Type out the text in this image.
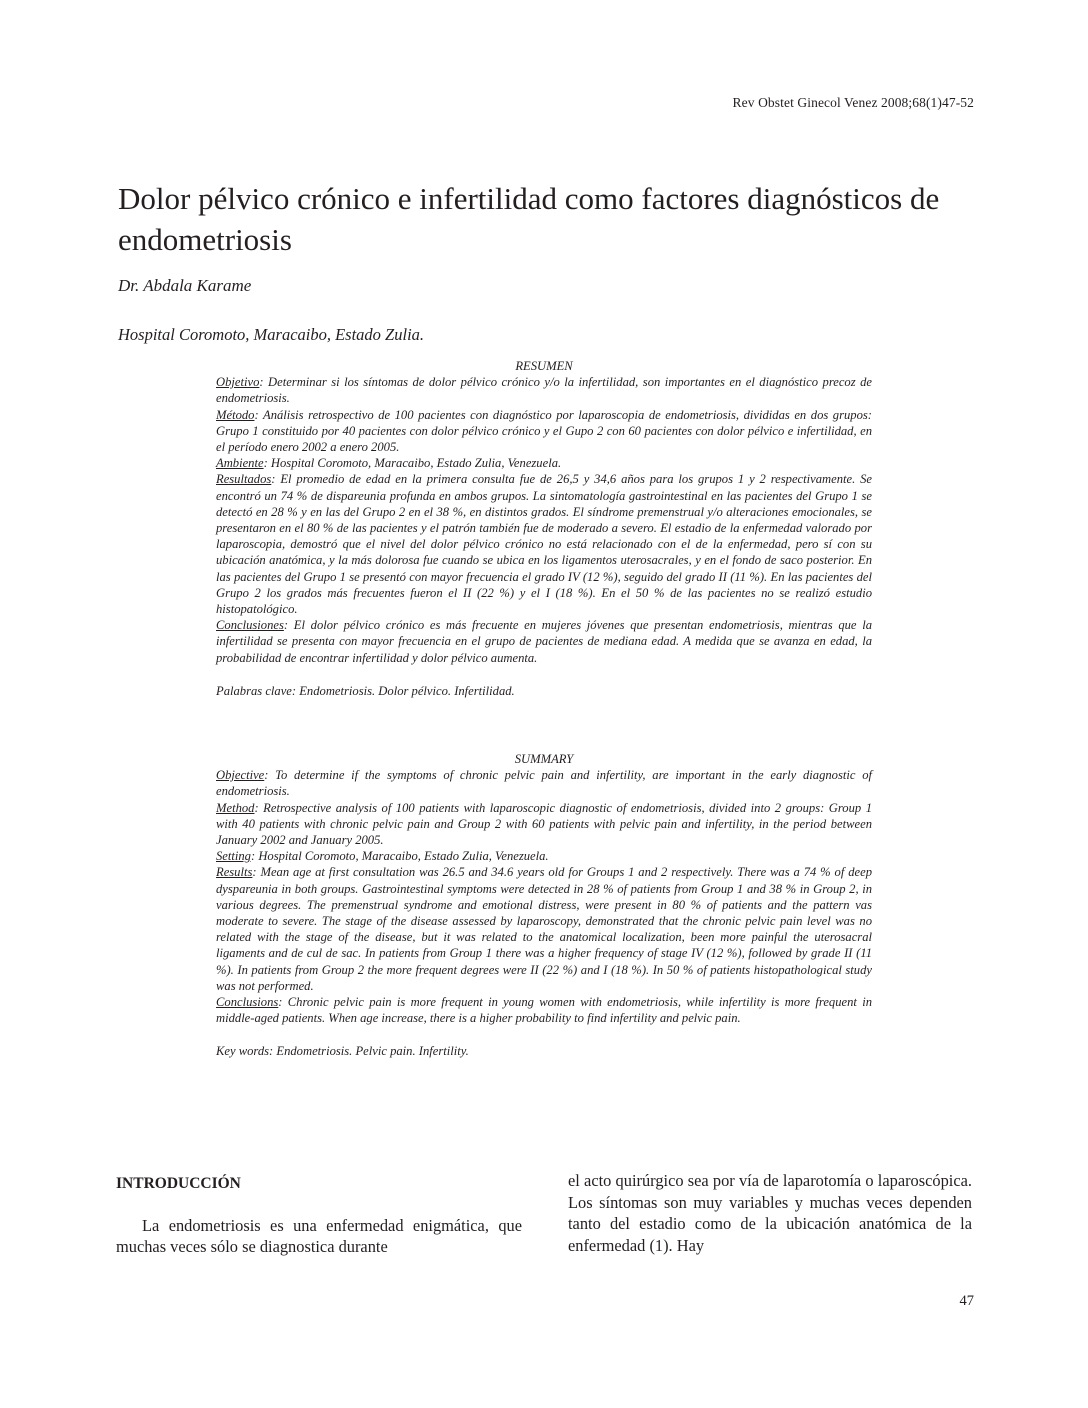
Rev Obstet Ginecol Venez 2008;68(1)47-52
Dolor pélvico crónico e infertilidad como factores diagnósticos de endometriosis
Dr. Abdala Karame
Hospital Coromoto, Maracaibo, Estado Zulia.
RESUMEN

Objetivo: Determinar si los síntomas de dolor pélvico crónico y/o la infertilidad, son importantes en el diagnóstico precoz de endometriosis.

Método: Análisis retrospectivo de 100 pacientes con diagnóstico por laparoscopia de endometriosis, divididas en dos grupos: Grupo 1 constituido por 40 pacientes con dolor pélvico crónico y el Gupo 2 con 60 pacientes con dolor pélvico e infertilidad, en el período enero 2002 a enero 2005.

Ambiente: Hospital Coromoto, Maracaibo, Estado Zulia, Venezuela.

Resultados: El promedio de edad en la primera consulta fue de 26,5 y 34,6 años para los grupos 1 y 2 respectivamente. Se encontró un 74 % de dispareunia profunda en ambos grupos. La sintomatología gastrointestinal en las pacientes del Grupo 1 se detectó en 28 % y en las del Grupo 2 en el 38 %, en distintos grados. El síndrome premenstrual y/o alteraciones emocionales, se presentaron en el 80 % de las pacientes y el patrón también fue de moderado a severo. El estadio de la enfermedad valorado por laparoscopia, demostró que el nivel del dolor pélvico crónico no está relacionado con el de la enfermedad, pero sí con su ubicación anatómica, y la más dolorosa fue cuando se ubica en los ligamentos uterosacrales, y en el fondo de saco posterior. En las pacientes del Grupo 1 se presentó con mayor frecuencia el grado IV (12 %), seguido del grado II (11 %). En las pacientes del Grupo 2 los grados más frecuentes fueron el II (22 %) y el I (18 %). En el 50 % de las pacientes no se realizó estudio histopatológico.

Conclusiones: El dolor pélvico crónico es más frecuente en mujeres jóvenes que presentan endometriosis, mientras que la infertilidad se presenta con mayor frecuencia en el grupo de pacientes de mediana edad. A medida que se avanza en edad, la probabilidad de encontrar infertilidad y dolor pélvico aumenta.

Palabras clave: Endometriosis. Dolor pélvico. Infertilidad.

SUMMARY

Objective: To determine if the symptoms of chronic pelvic pain and infertility, are important in the early diagnostic of endometriosis.

Method: Retrospective analysis of 100 patients with laparoscopic diagnostic of endometriosis, divided into 2 groups: Group 1 with 40 patients with chronic pelvic pain and Group 2 with 60 patients with pelvic pain and infertility, in the period between January 2002 and January 2005.

Setting: Hospital Coromoto, Maracaibo, Estado Zulia, Venezuela.

Results: Mean age at first consultation was 26.5 and 34.6 years old for Groups 1 and 2 respectively. There was a 74 % of deep dyspareunia in both groups. Gastrointestinal symptoms were detected in 28 % of patients from Group 1 and 38 % in Group 2, in various degrees. The premenstrual syndrome and emotional distress, were present in 80 % of patients and the pattern vas moderate to severe. The stage of the disease assessed by laparoscopy, demonstrated that the chronic pelvic pain level was no related with the stage of the disease, but it was related to the anatomical localization, been more painful the uterosacral ligaments and de cul de sac. In patients from Group 1 there was a higher frequency of stage IV (12 %), followed by grade II (11 %). In patients from Group 2 the more frequent degrees were II (22 %) and I (18 %). In 50 % of patients histopathological study was not performed.

Conclusions: Chronic pelvic pain is more frequent in young women with endometriosis, while infertility is more frequent in middle-aged patients. When age increase, there is a higher probability to find infertility and pelvic pain.

Key words: Endometriosis. Pelvic pain. Infertility.

INTRODUCCIÓN

La endometriosis es una enfermedad enigmática, que muchas veces sólo se diagnostica durante

el acto quirúrgico sea por vía de laparotomía o laparoscópica. Los síntomas son muy variables y muchas veces dependen tanto del estadio como de la ubicación anatómica de la enfermedad (1). Hay

47
